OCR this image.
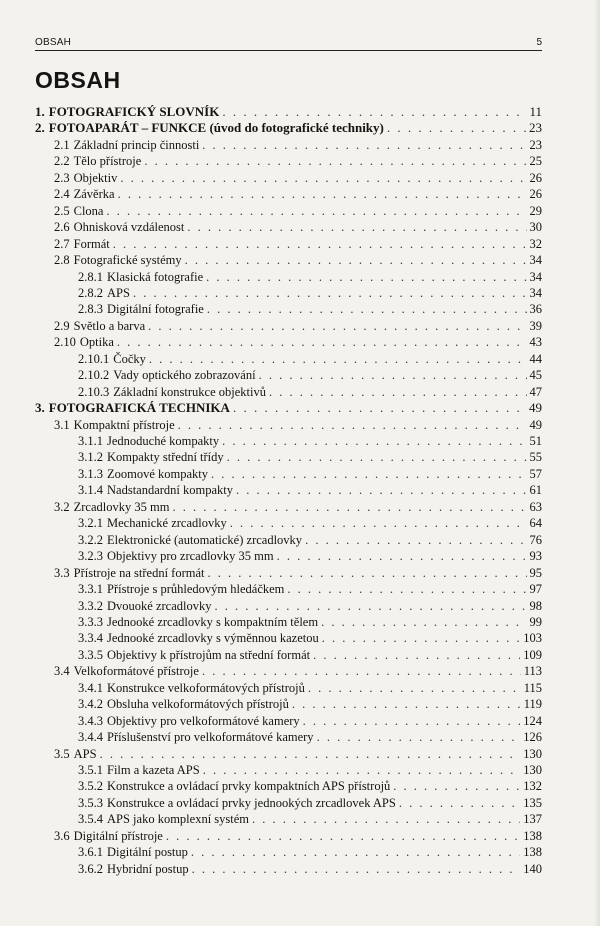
OBSAH	5
OBSAH
1. FOTOGRAFICKÝ SLOVNÍK . . .	11
2. FOTOAPARÁT – FUNKCE (úvod do fotografické techniky) . . .	23
2.1 Základní princip činnosti . . .	23
2.2 Tělo přístroje . . .	25
2.3 Objektiv . . .	26
2.4 Závěrka . . .	26
2.5 Clona . . .	29
2.6 Ohnisková vzdálenost . . .	30
2.7 Formát . . .	32
2.8 Fotografické systémy . . .	34
2.8.1 Klasická fotografie . . .	34
2.8.2 APS . . .	34
2.8.3 Digitální fotografie . . .	36
2.9 Světlo a barva . . .	39
2.10 Optika . . .	43
2.10.1 Čočky . . .	44
2.10.2 Vady optického zobrazování . . .	45
2.10.3 Základní konstrukce objektivů . . .	47
3. FOTOGRAFICKÁ TECHNIKA . . .	49
3.1 Kompaktní přístroje . . .	49
3.1.1 Jednoduché kompakty . . .	51
3.1.2 Kompakty střední třídy . . .	55
3.1.3 Zoomové kompakty . . .	57
3.1.4 Nadstandardní kompakty . . .	61
3.2 Zrcadlovky 35 mm . . .	63
3.2.1 Mechanické zrcadlovky . . .	64
3.2.2 Elektronické (automatické) zrcadlovky . . .	76
3.2.3 Objektivy pro zrcadlovky 35 mm . . .	93
3.3 Přístroje na střední formát . . .	95
3.3.1 Přístroje s průhledovým hledáčkem . . .	97
3.3.2 Dvouoké zrcadlovky . . .	98
3.3.3 Jednooké zrcadlovky s kompaktním tělem . . .	99
3.3.4 Jednooké zrcadlovky s výměnnou kazetou . . .	103
3.3.5 Objektivy k přístrojům na střední formát . . .	109
3.4 Velkoformátové přístroje . . .	113
3.4.1 Konstrukce velkoformátových přístrojů . . .	115
3.4.2 Obsluha velkoformátových přístrojů . . .	119
3.4.3 Objektivy pro velkoformátové kamery . . .	124
3.4.4 Příslušenství pro velkoformátové kamery . . .	126
3.5 APS . . .	130
3.5.1 Film a kazeta APS . . .	130
3.5.2 Konstrukce a ovládací prvky kompaktních APS přístrojů . . .	132
3.5.3 Konstrukce a ovládací prvky jednookých zrcadlovek APS . . .	135
3.5.4 APS jako komplexní systém . . .	137
3.6 Digitální přístroje . . .	138
3.6.1 Digitální postup . . .	138
3.6.2 Hybridní postup . . .	140
